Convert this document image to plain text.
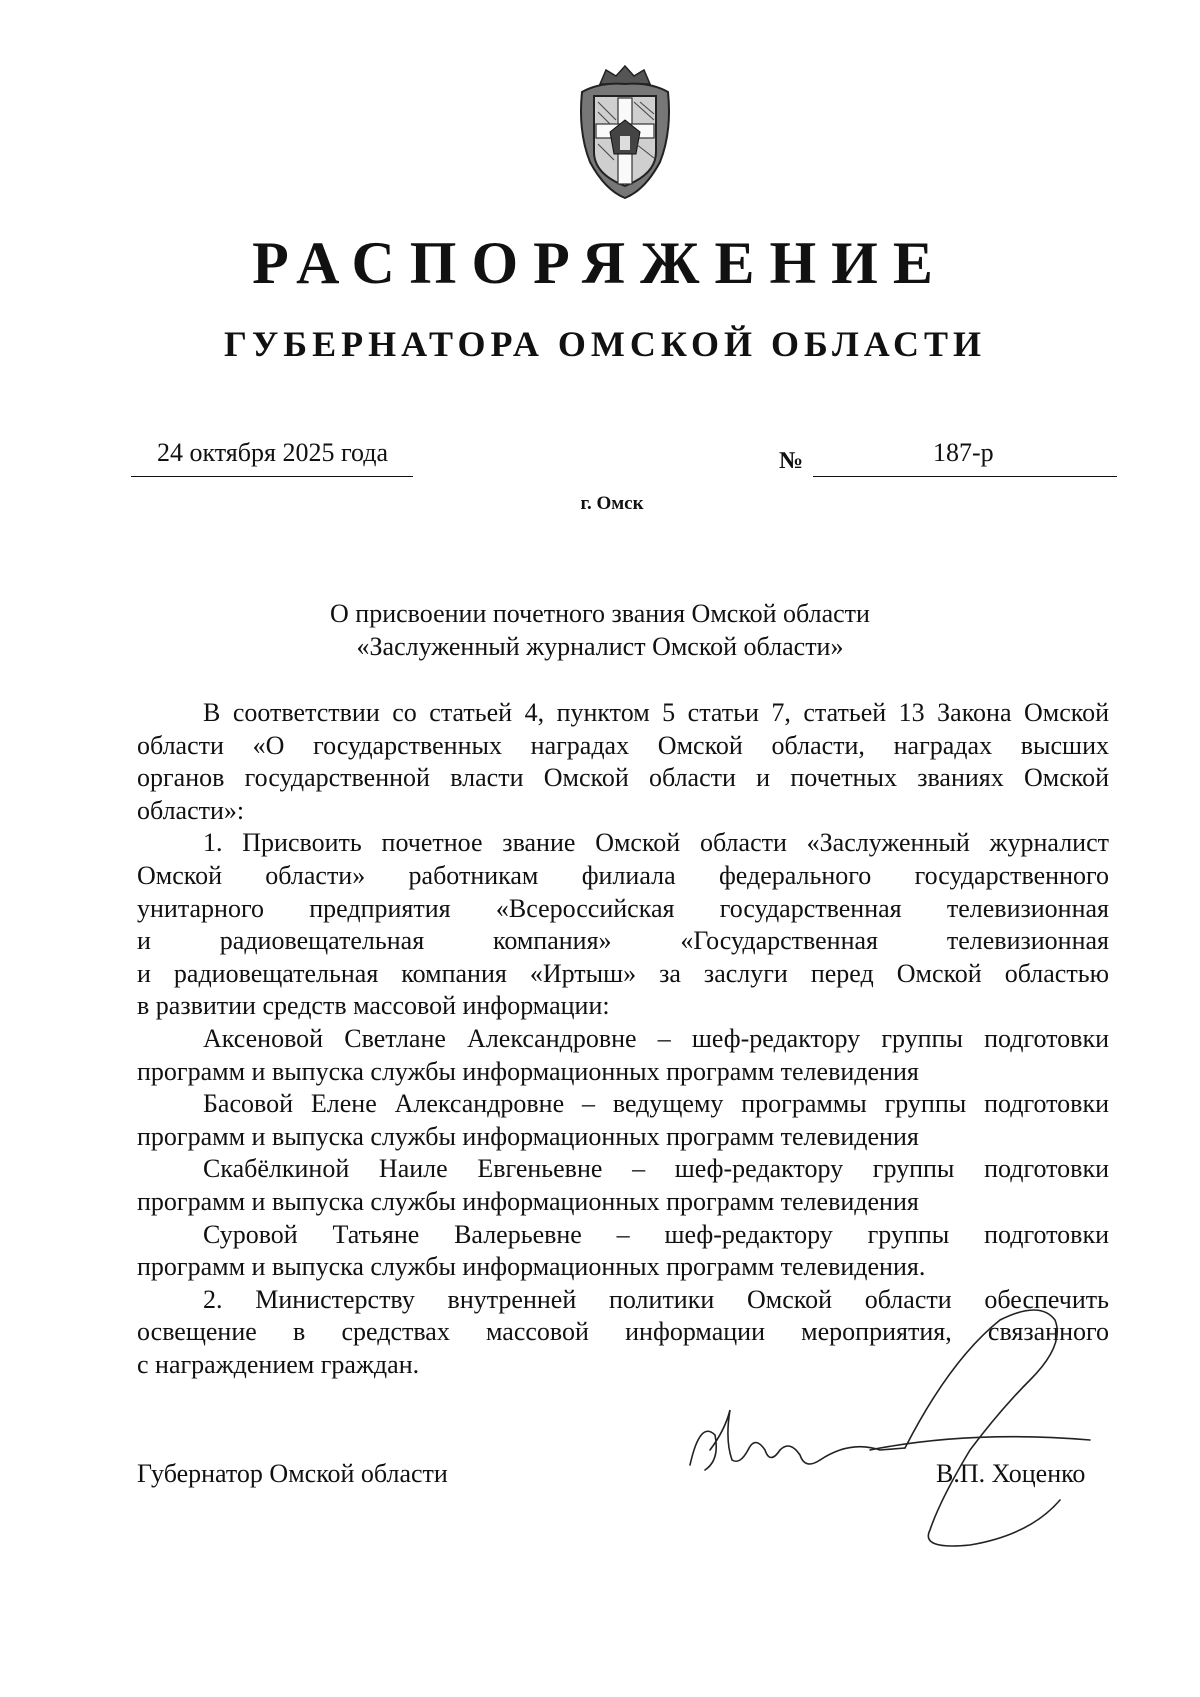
РАСПОРЯЖЕНИЕ
ГУБЕРНАТОРА ОМСКОЙ ОБЛАСТИ
24 октября 2025 года	№	187-р
г. Омск
О присвоении почетного звания Омской области
«Заслуженный журналист Омской области»
В соответствии со статьей 4, пунктом 5 статьи 7, статьей 13 Закона Омской
области «О государственных наградах Омской области, наградах высших
органов государственной власти Омской области и почетных званиях Омской
области»:
1. Присвоить почетное звание Омской области «Заслуженный журналист
Омской области» работникам филиала федерального государственного
унитарного предприятия «Всероссийская государственная телевизионная
и радиовещательная компания» «Государственная телевизионная
и радиовещательная компания «Иртыш» за заслуги перед Омской областью
в развитии средств массовой информации:
Аксеновой Светлане Александровне – шеф-редактору группы подготовки
программ и выпуска службы информационных программ телевидения
Басовой Елене Александровне – ведущему программы группы подготовки
программ и выпуска службы информационных программ телевидения
Скабёлкиной Наиле Евгеньевне – шеф-редактору группы подготовки
программ и выпуска службы информационных программ телевидения
Суровой Татьяне Валерьевне – шеф-редактору группы подготовки
программ и выпуска службы информационных программ телевидения.
2. Министерству внутренней политики Омской области обеспечить
освещение в средствах массовой информации мероприятия, связанного
с награждением граждан.
Губернатор Омской области	В.П. Хоценко
